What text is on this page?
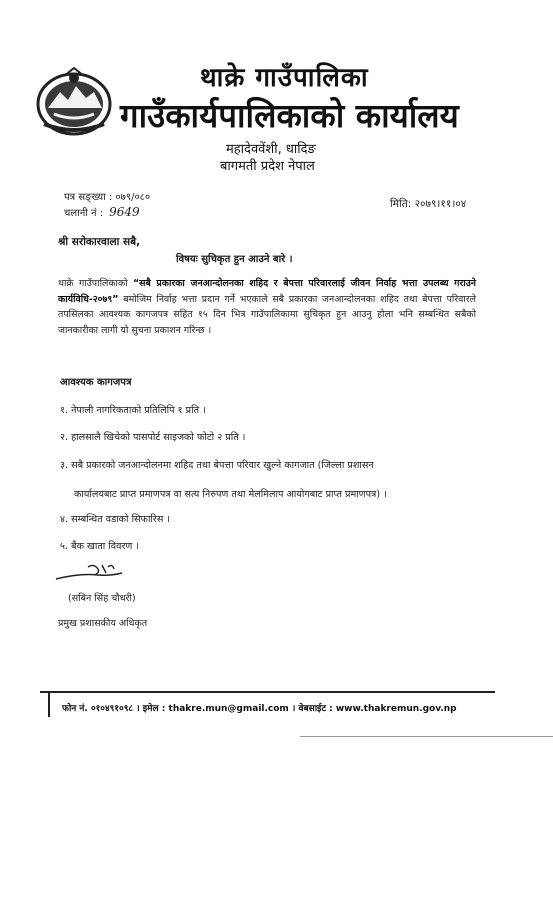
थाक्रे गाउँपालिका
गाउँकार्यपालिकाको कार्यालय
महादेववेंशी, धादिङ
बागमती प्रदेश नेपाल
पत्र सङ्ख्या : ०७९/०८०
चलानी नं : 9649
मिति: २०७९।११।०४
श्री सरोकारवाला सबै,
विषयः सुचिकृत हुन आउने बारे ।
थाक्रे गाउँपालिकाको “सबै प्रकारका जनआन्दोलनका शहिद र बेपत्ता परिवारलाई जीवन निर्वाह भत्ता उपलब्ध गराउने कार्यविधि-२०७९” बमोजिम निर्वाह भत्ता प्रदान गर्ने भएकाले सबै प्रकारका जनआन्दोलनका शहिद तथा बेपत्ता परिवारले तपसिलका आवश्यक कागजपत्र सहित १५ दिन भित्र गाउँपालिकामा सुचिकृत हुन आउनु होला भनि सम्बन्धित सबैको जानकारीका लागी यो सुचना प्रकाशन गरिन्छ ।
आवश्यक कागजपत्र
१. नेपाली नागरिकताको प्रतिलिपि १ प्रति ।
२. हालसालै खिचेको पासपोर्ट साइजको फोटो २ प्रति ।
३. सबै प्रकारको जनआन्दोलनमा शहिद तथा बेपत्ता परिवार खुल्ने कागजात (जिल्ला प्रशासन
कार्यालयबाट प्राप्त प्रमाणपत्र वा सत्य निरुपण तथा मेलमिलाप आयोगबाट प्राप्त प्रमाणपत्र) ।
४. सम्बन्धित वडाको सिफारिस ।
५. बैंक खाता विवरण ।
(सबिन सिंह चौधरी)
प्रमुख प्रशासकीय अधिकृत
फोन नं. ०१०४९१०९८ । इमेल : thakre.mun@gmail.com । वेबसाईट : www.thakremun.gov.np
